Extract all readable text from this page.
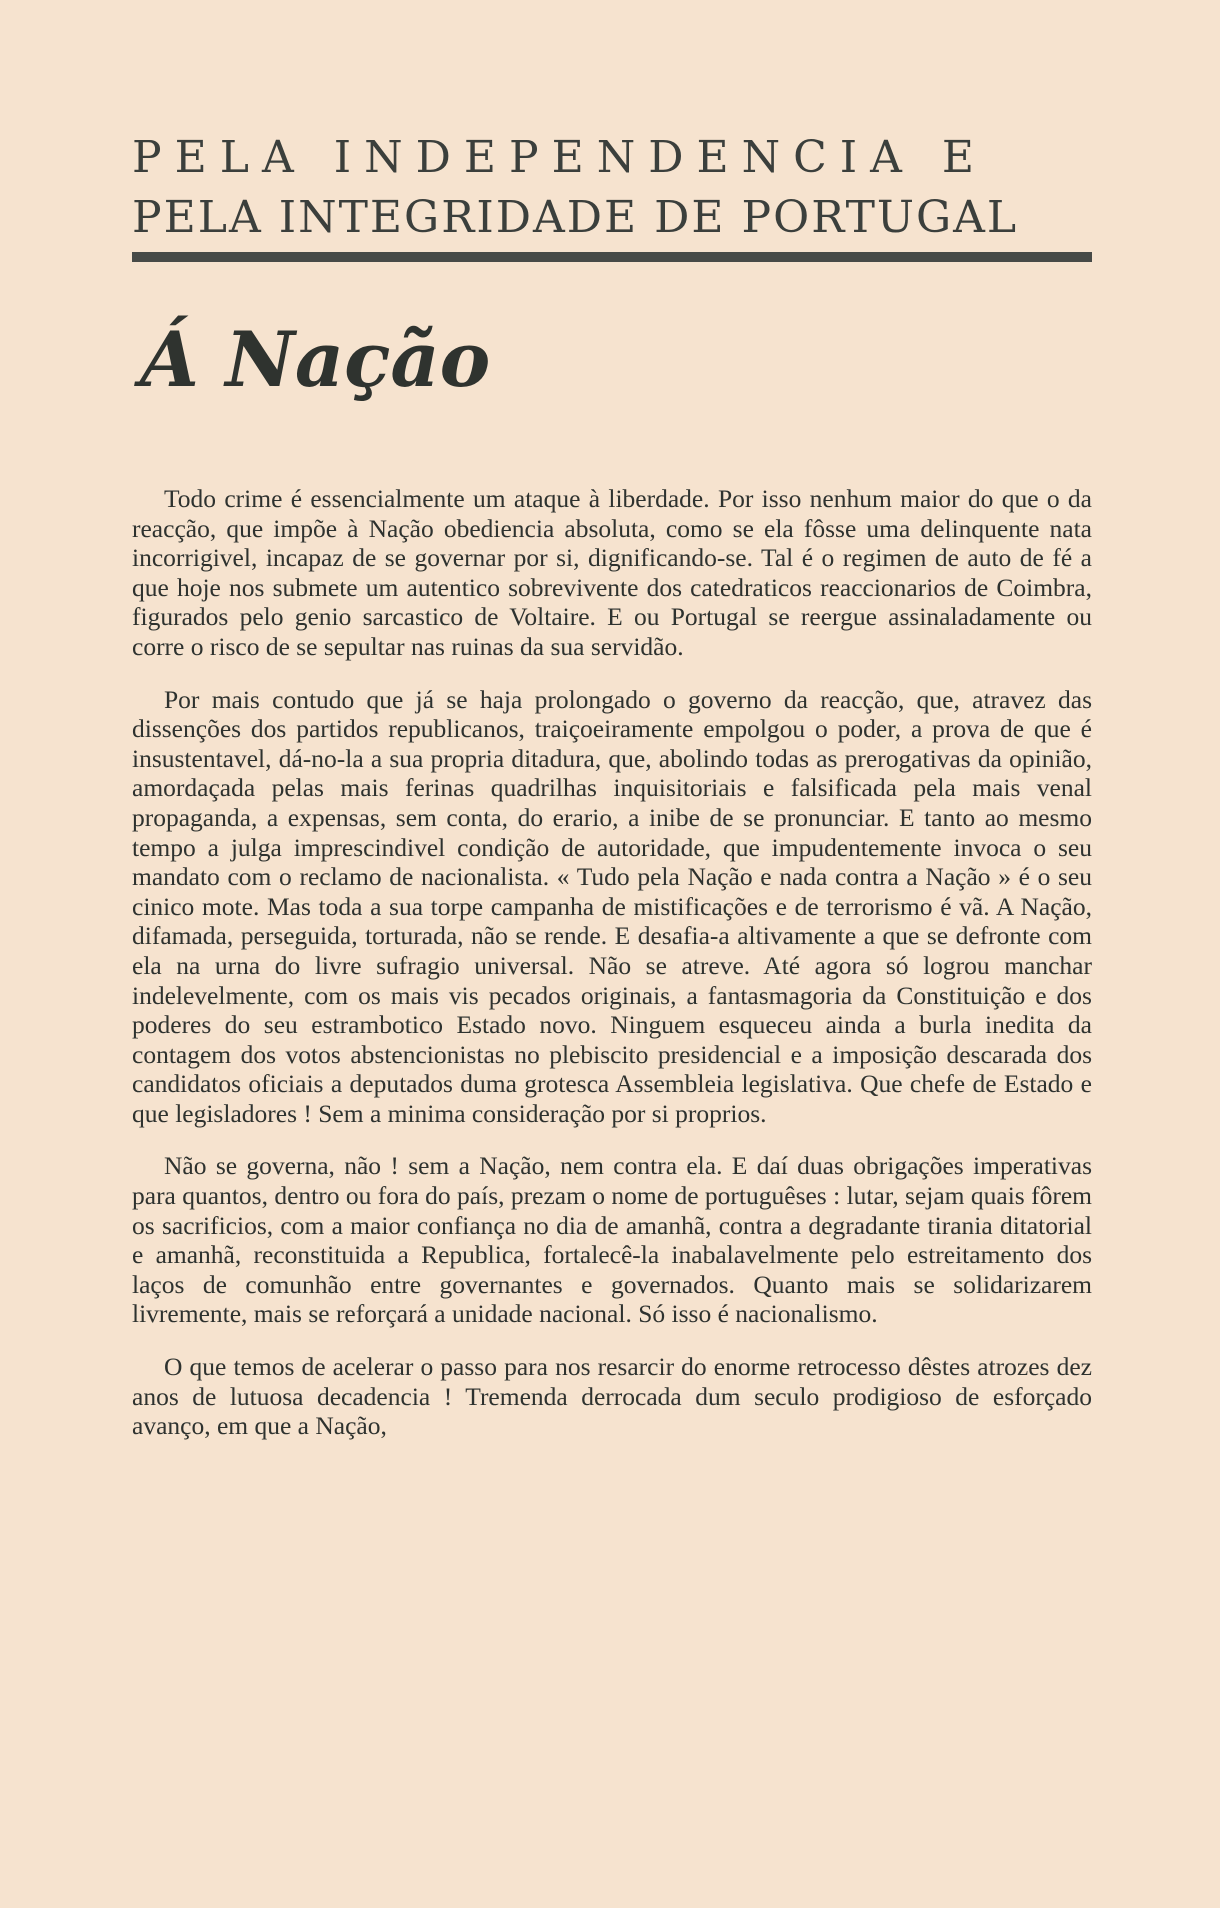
PELA INDEPENDENCIA E
PELA INTEGRIDADE DE PORTUGAL
Á Nação

Todo crime é essencialmente um ataque à liberdade. Por isso nenhum maior do que o da reacção, que impõe à Nação obediencia absoluta, como se ela fôsse uma delinquente nata incorrigivel, incapaz de se governar por si, dignificando-se. Tal é o regimen de auto de fé a que hoje nos submete um autentico sobrevivente dos catedraticos reaccionarios de Coimbra, figurados pelo genio sarcastico de Voltaire. E ou Portugal se reergue assinaladamente ou corre o risco de se sepultar nas ruinas da sua servidão.

Por mais contudo que já se haja prolongado o governo da reacção, que, atravez das dissenções dos partidos republicanos, traiçoeiramente empolgou o poder, a prova de que é insustentavel, dá-no-la a sua propria ditadura, que, abolindo todas as prerogativas da opinião, amordaçada pelas mais ferinas quadrilhas inquisitoriais e falsificada pela mais venal propaganda, a expensas, sem conta, do erario, a inibe de se pronunciar. E tanto ao mesmo tempo a julga imprescindivel condição de autoridade, que impudentemente invoca o seu mandato com o reclamo de nacionalista. « Tudo pela Nação e nada contra a Nação » é o seu cinico mote. Mas toda a sua torpe campanha de mistificações e de terrorismo é vã. A Nação, difamada, perseguida, torturada, não se rende. E desafia-a altivamente a que se defronte com ela na urna do livre sufragio universal. Não se atreve. Até agora só logrou manchar indelevelmente, com os mais vis pecados originais, a fantasmagoria da Constituição e dos poderes do seu estrambotico Estado novo. Ninguem esqueceu ainda a burla inedita da contagem dos votos abstencionistas no plebiscito presidencial e a imposição descarada dos candidatos oficiais a deputados duma grotesca Assembleia legislativa. Que chefe de Estado e que legisladores ! Sem a minima consideração por si proprios.

Não se governa, não ! sem a Nação, nem contra ela. E daí duas obrigações imperativas para quantos, dentro ou fora do país, prezam o nome de portuguêses : lutar, sejam quais fôrem os sacrificios, com a maior confiança no dia de amanhã, contra a degradante tirania ditatorial e amanhã, reconstituida a Republica, fortalecê-la inabalavelmente pelo estreitamento dos laços de comunhão entre governantes e governados. Quanto mais se solidarizarem livremente, mais se reforçará a unidade nacional. Só isso é nacionalismo.

O que temos de acelerar o passo para nos resarcir do enorme retrocesso dêstes atrozes dez anos de lutuosa decadencia ! Tremenda derrocada dum seculo prodigioso de esforçado avanço, em que a Nação,
